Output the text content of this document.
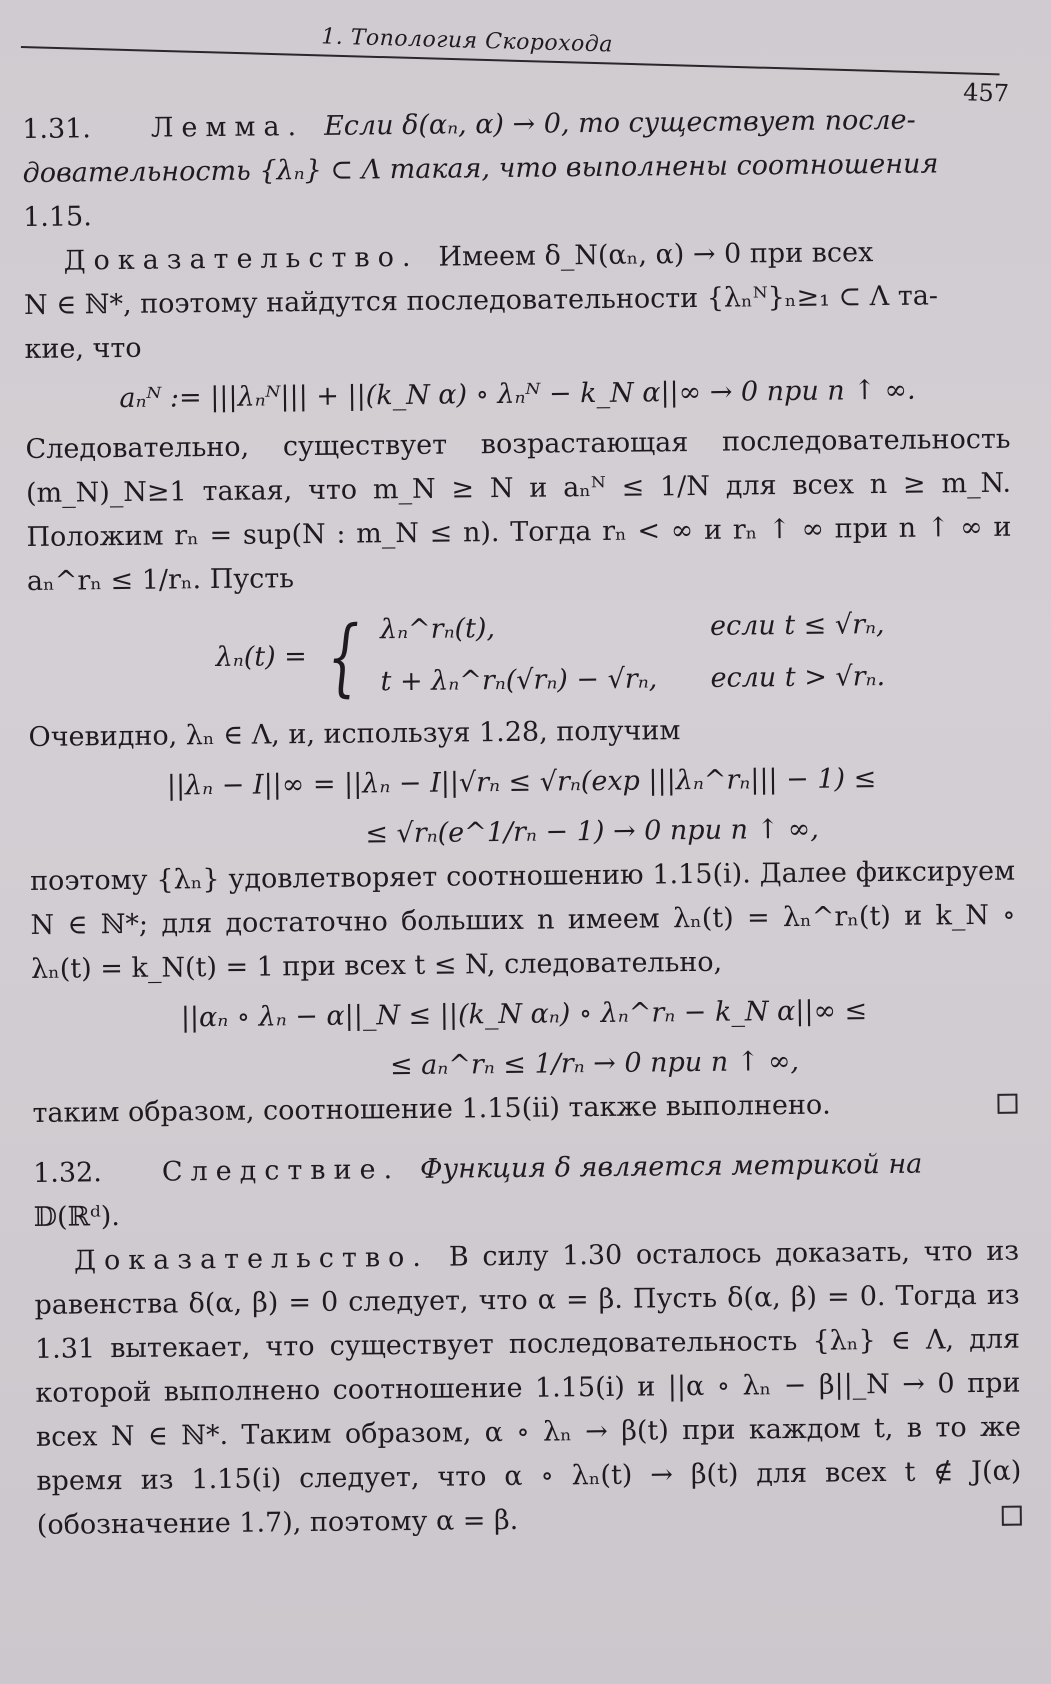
1. Топология Скорохода
457

1.31. Лемма. Если δ(αₙ, α) → 0, то существует после-

довательность {λₙ} ⊂ Λ такая, что выполнены соотношения

1.15.

Доказательство. Имеем δ_N(αₙ, α) → 0 при всех

N ∈ ℕ*, поэтому найдутся последовательности {λₙᴺ}ₙ≥₁ ⊂ Λ та-

кие, что

aₙᴺ := |||λₙᴺ||| + ||(k_N α) ∘ λₙᴺ − k_N α||∞ → 0 при n ↑ ∞.

Следовательно, существует возрастающая последовательность (m_N)_N≥1 такая, что m_N ≥ N и aₙᴺ ≤ 1/N для всех n ≥ m_N. Положим rₙ = sup(N : m_N ≤ n). Тогда rₙ < ∞ и rₙ ↑ ∞ при n ↑ ∞ и aₙ^rₙ ≤ 1/rₙ. Пусть

λₙ(t) = { λₙ^rₙ(t),	если t ≤ √rₙ,
t + λₙ^rₙ(√rₙ) − √rₙ,	если t > √rₙ.

Очевидно, λₙ ∈ Λ, и, используя 1.28, получим

||λₙ − I||∞ = ||λₙ − I||√rₙ ≤ √rₙ(exp |||λₙ^rₙ||| − 1) ≤
≤ √rₙ(e^1/rₙ − 1) → 0 при n ↑ ∞,

поэтому {λₙ} удовлетворяет соотношению 1.15(i). Далее фиксируем N ∈ ℕ*; для достаточно больших n имеем λₙ(t) = λₙ^rₙ(t) и k_N ∘ λₙ(t) = k_N(t) = 1 при всех t ≤ N, следовательно,

||αₙ ∘ λₙ − α||_N ≤ ||(k_N αₙ) ∘ λₙ^rₙ − k_N α||∞ ≤
≤ aₙ^rₙ ≤ 1/rₙ → 0 при n ↑ ∞,

таким образом, соотношение 1.15(ii) также выполнено.

1.32. Следствие. Функция δ является метрикой на

𝔻(ℝᵈ).

Доказательство. В силу 1.30 осталось доказать, что из равенства δ(α, β) = 0 следует, что α = β. Пусть δ(α, β) = 0. Тогда из 1.31 вытекает, что существует последовательность {λₙ} ∈ Λ, для которой выполнено соотношение 1.15(i) и ||α ∘ λₙ − β||_N → 0 при всех N ∈ ℕ*. Таким образом, α ∘ λₙ → β(t) при каждом t, в то же время из 1.15(i) следует, что α ∘ λₙ(t) → β(t) для всех t ∉ J(α) (обозначение 1.7), поэтому α = β.
